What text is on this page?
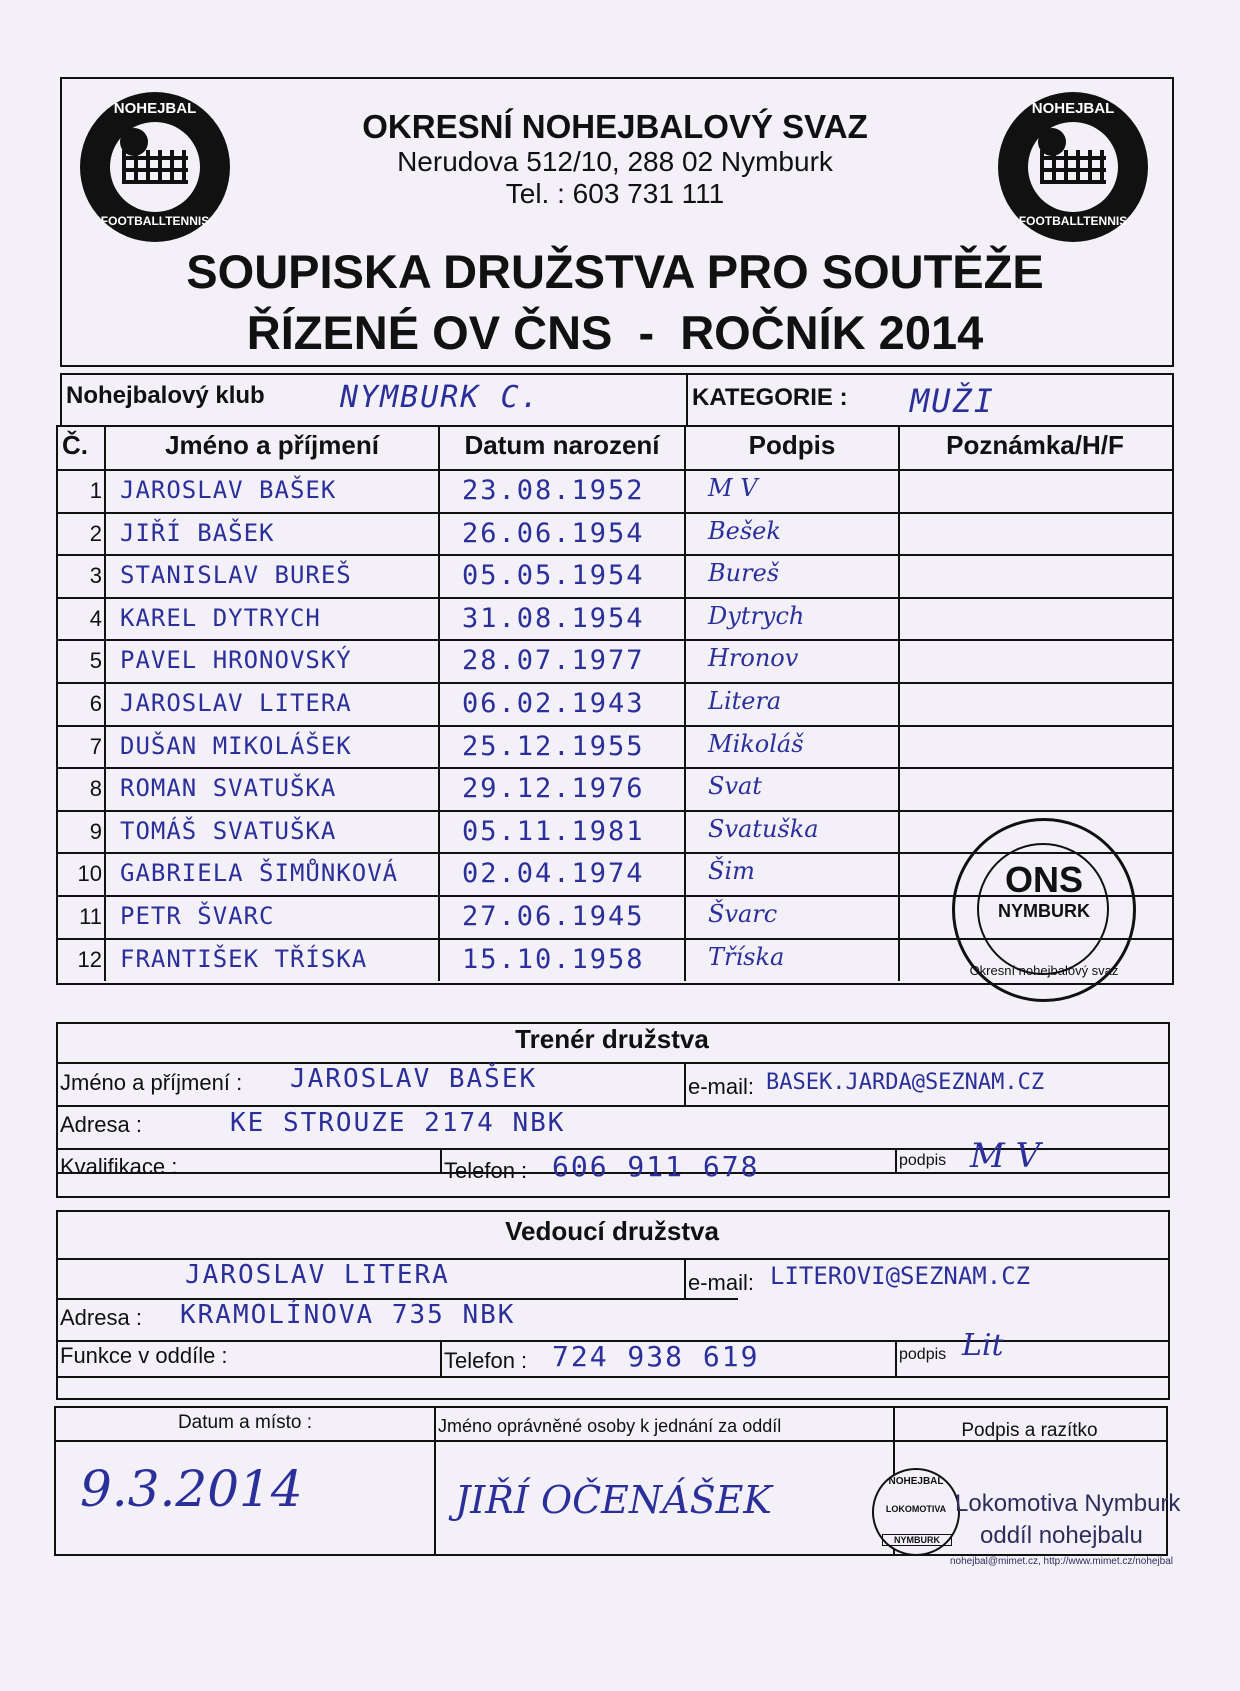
NOHEJBAL
FOOTBALLTENNIS
NOHEJBAL
FOOTBALLTENNIS
OKRESNÍ NOHEJBALOVÝ SVAZ
Nerudova 512/10, 288 02 Nymburk
Tel. : 603 731 111
SOUPISKA DRUŽSTVA PRO SOUTĚŽE
ŘÍZENÉ OV ČNS  -  ROČNÍK 2014
Nohejbalový klub	NYMBURK C.	KATEGORIE : MUŽI
Č.	Jméno a příjmení	Datum narození	Podpis	Poznámka/H/F
1 JAROSLAV BAŠEK	23.08.1952	M V
2 JIŘÍ BAŠEK	26.06.1954	Bešek
3 STANISLAV BUREŠ	05.05.1954	Bureš
4 KAREL DYTRYCH	31.08.1954	Dytrych
5 PAVEL HRONOVSKÝ	28.07.1977	Hronov
6 JAROSLAV LITERA	06.02.1943	Litera
7 DUŠAN MIKOLÁŠEK	25.12.1955	Mikoláš
8 ROMAN SVATUŠKA	29.12.1976	Svat
9 TOMÁŠ SVATUŠKA	05.11.1981	Svatuška
10 GABRIELA ŠIMŮNKOVÁ 02.04.1974	Šim
11 PETR ŠVARC	27.06.1945	Švarc
12 FRANTIŠEK TŘÍSKA	15.10.1958	Tříska
ONS
NYMBURK
Okresní nohejbalový svaz
Trenér družstva
Jméno a příjmení : JAROSLAV BAŠEK	e-mail: BASEK.JARDA@SEZNAM.CZ
Adresa :	KE STROUZE 2174 NBK
Kvalifikace :	Telefon : 606 911 678	podpis M V
Vedoucí družstva
JAROSLAV LITERA	e-mail: LITEROVI@SEZNAM.CZ
Adresa : KRAMOLÍNOVA 735 NBK
Funkce v oddíle :	Telefon : 724 938 619	podpis Lit
Datum a místo :	Jméno oprávněné osoby k jednání za oddíl	Podpis a razítko
9.3.2014	JIŘÍ OČENÁŠEK	NOHEJBAL
LOKOMOTIVA
NYMBURK
Lokomotiva Nymburk
oddíl nohejbalu
nohejbal@mimet.cz, http://www.mimet.cz/nohejbal
